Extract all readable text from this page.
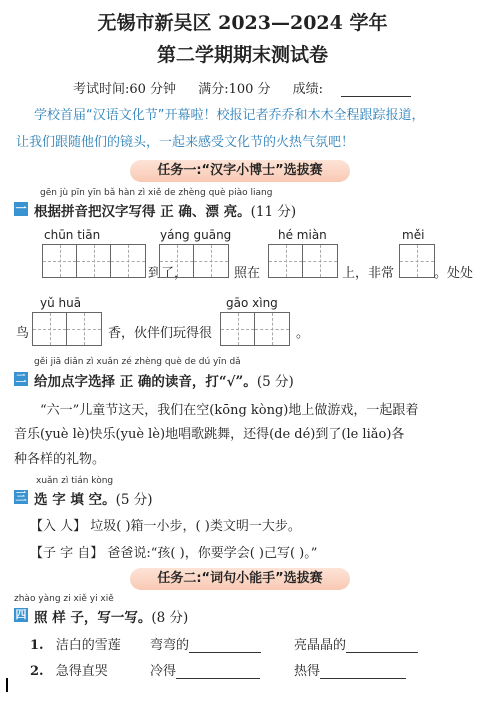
无锡市新吴区 2023—2024 学年
第二学期期末测试卷
考试时间:60 分钟 满分:100 分 成绩:
学校首届“汉语文化节”开幕啦！校报记者乔乔和木木全程跟踪报道，
让我们跟随他们的镜头，一起来感受文化节的火热气氛吧！
任务一:“汉字小博士”选拔赛
gēn jù pīn yīn bǎ hàn zì xiě de zhèng què piào liang
一 根据拼音把汉字写得 正 确、漂 亮。(11 分)
chūn tiān	yáng guāng	hé miàn	měi
到了，	照在	上，非常	。处处
yǔ huā	gāo xìng
鸟	香，伙伴们玩得很	。
gěi jiā diǎn zì xuǎn zé zhèng què de dú yīn dǎ
二 给加点字选择 正 确的读音，打“√”。(5 分)
“六一”儿童节这天，我们在空(kōng kòng)地上做游戏，一起跟着
音乐(yuè lè)快乐(yuè lè)地唱歌跳舞，还得(de dé)到了(le liǎo)各
种各样的礼物。
xuǎn zì tián kòng
三 选 字 填 空。(5 分)
【入 人】 垃圾( )箱一小步，( )类文明一大步。
【子 字 自】 爸爸说:“孩( )，你要学会( )己写( )。”
任务二:“词句小能手”选拔赛
zhào yàng zi xiě yi xiě
四 照 样 子，写一写。(8 分)
1. 洁白的雪莲 弯弯的	亮晶晶的
2. 急得直哭	冷得	热得
